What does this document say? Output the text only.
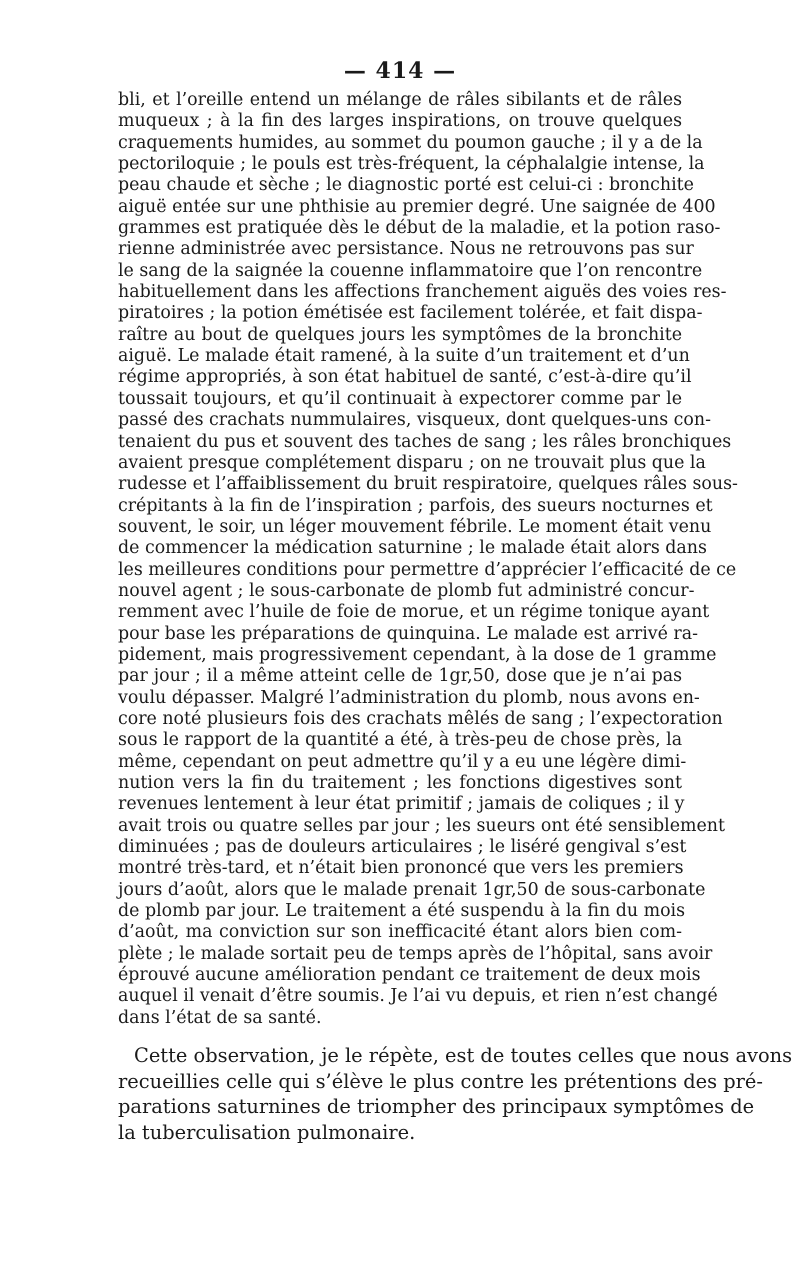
— 414 —
bli, et l’oreille entend un mélange de râles sibilants et de râles
muqueux ; à la fin des larges inspirations, on trouve quelques
craquements humides, au sommet du poumon gauche ; il y a de la
pectoriloquie ; le pouls est très-fréquent, la céphalalgie intense, la
peau chaude et sèche ; le diagnostic porté est celui-ci : bronchite
aiguë entée sur une phthisie au premier degré. Une saignée de 400
grammes est pratiquée dès le début de la maladie, et la potion raso-
rienne administrée avec persistance. Nous ne retrouvons pas sur
le sang de la saignée la couenne inflammatoire que l’on rencontre
habituellement dans les affections franchement aiguës des voies res-
piratoires ; la potion émétisée est facilement tolérée, et fait dispa-
raître au bout de quelques jours les symptômes de la bronchite
aiguë. Le malade était ramené, à la suite d’un traitement et d’un
régime appropriés, à son état habituel de santé, c’est-à-dire qu’il
toussait toujours, et qu’il continuait à expectorer comme par le
passé des crachats nummulaires, visqueux, dont quelques-uns con-
tenaient du pus et souvent des taches de sang ; les râles bronchiques
avaient presque complétement disparu ; on ne trouvait plus que la
rudesse et l’affaiblissement du bruit respiratoire, quelques râles sous-
crépitants à la fin de l’inspiration ; parfois, des sueurs nocturnes et
souvent, le soir, un léger mouvement fébrile. Le moment était venu
de commencer la médication saturnine ; le malade était alors dans
les meilleures conditions pour permettre d’apprécier l’efficacité de ce
nouvel agent ; le sous-carbonate de plomb fut administré concur-
remment avec l’huile de foie de morue, et un régime tonique ayant
pour base les préparations de quinquina. Le malade est arrivé ra-
pidement, mais progressivement cependant, à la dose de 1 gramme
par jour ; il a même atteint celle de 1gr,50, dose que je n’ai pas
voulu dépasser. Malgré l’administration du plomb, nous avons en-
core noté plusieurs fois des crachats mêlés de sang ; l’expectoration
sous le rapport de la quantité a été, à très-peu de chose près, la
même, cependant on peut admettre qu’il y a eu une légère dimi-
nution vers la fin du traitement ; les fonctions digestives sont
revenues lentement à leur état primitif ; jamais de coliques ; il y
avait trois ou quatre selles par jour ; les sueurs ont été sensiblement
diminuées ; pas de douleurs articulaires ; le liséré gengival s’est
montré très-tard, et n’était bien prononcé que vers les premiers
jours d’août, alors que le malade prenait 1gr,50 de sous-carbonate
de plomb par jour. Le traitement a été suspendu à la fin du mois
d’août, ma conviction sur son inefficacité étant alors bien com-
plète ; le malade sortait peu de temps après de l’hôpital, sans avoir
éprouvé aucune amélioration pendant ce traitement de deux mois
auquel il venait d’être soumis. Je l’ai vu depuis, et rien n’est changé
dans l’état de sa santé.
Cette observation, je le répète, est de toutes celles que nous avons
recueillies celle qui s’élève le plus contre les prétentions des pré-
parations saturnines de triompher des principaux symptômes de
la tuberculisation pulmonaire.
